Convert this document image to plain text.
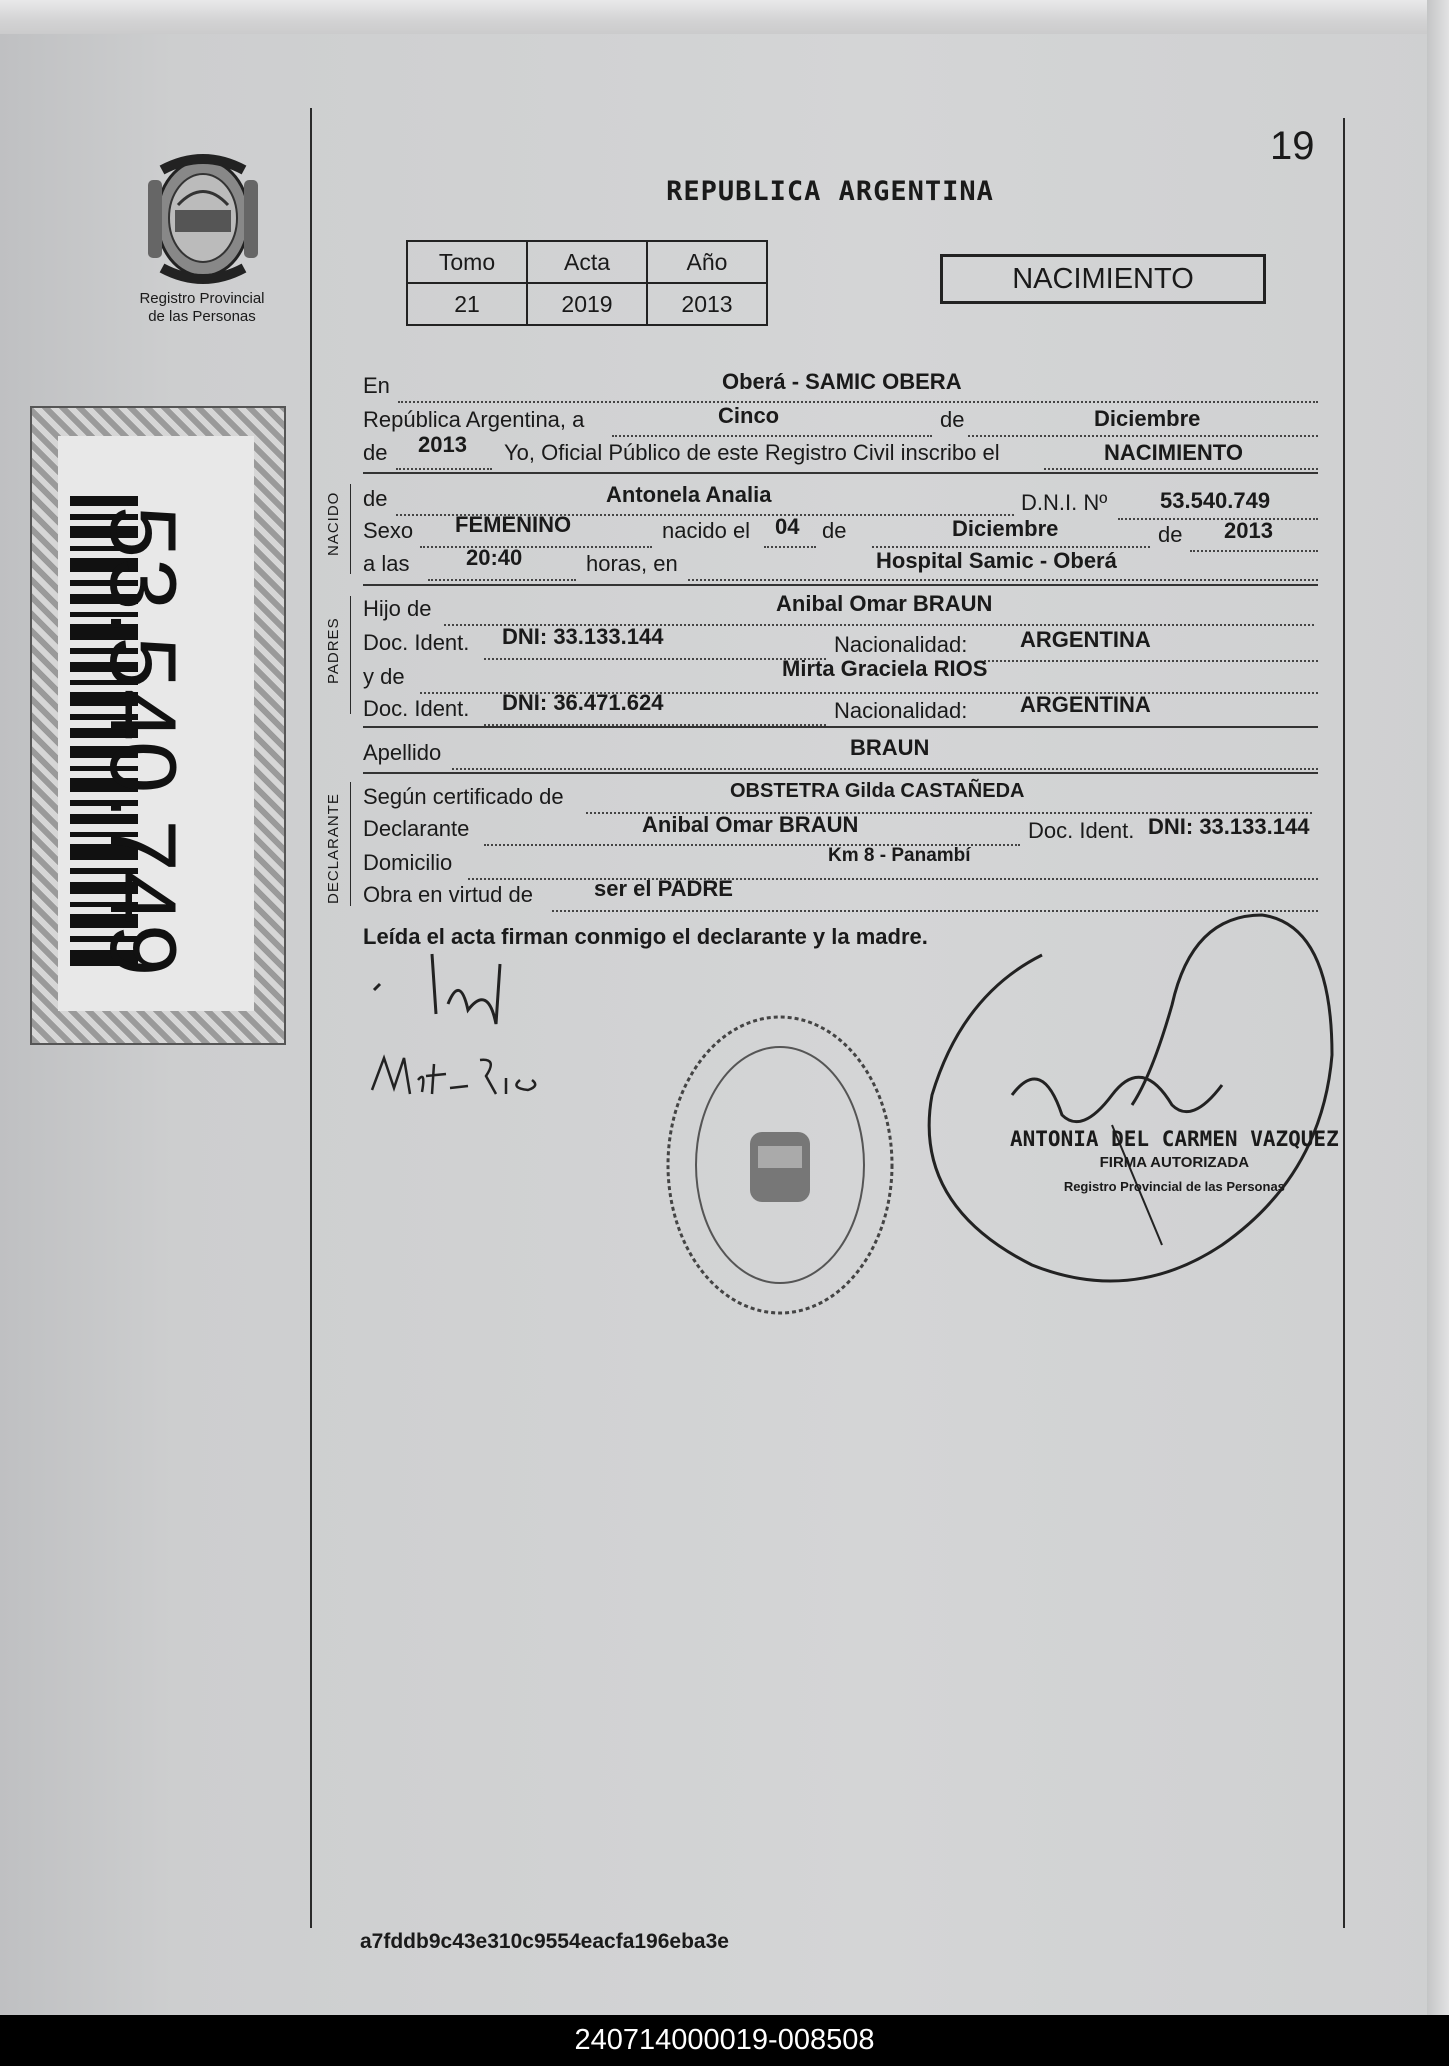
Registro Provincial
de las Personas
53.540.749
19
REPUBLICA ARGENTINA
Tomo	Acta	Año
21	2019	2013
NACIMIENTO
En	Oberá - SAMIC OBERA
República Argentina, a	Cinco	de	Diciembre
de 2013 Yo, Oficial Público de este Registro Civil inscribo el	NACIMIENTO
NACIDO de	Antonela Analia	D.N.I. Nº 53.540.749
Sexo FEMENINO	nacido el 04 de	Diciembre	de 2013
a las	20:40	horas, en	Hospital Samic - Oberá
PADRES
Hijo de	Anibal Omar BRAUN
Doc. Ident. DNI: 33.133.144	Nacionalidad: ARGENTINA
y de	Mirta Graciela RIOS
Doc. Ident. DNI: 36.471.624	Nacionalidad: ARGENTINA
Apellido	BRAUN
DECLARANTE Según certificado de	OBSTETRA Gilda CASTAÑEDA
Declarante	Anibal Omar BRAUN	Doc. Ident. DNI: 33.133.144
Domicilio	Km 8 - Panambí
Obra en virtud de	ser el PADRE
Leída el acta firman conmigo el declarante y la madre.
ANTONIA DEL CARMEN VAZQUEZ
FIRMA AUTORIZADA
Registro Provincial de las Personas
a7fddb9c43e310c9554eacfa196eba3e
240714000019-008508
